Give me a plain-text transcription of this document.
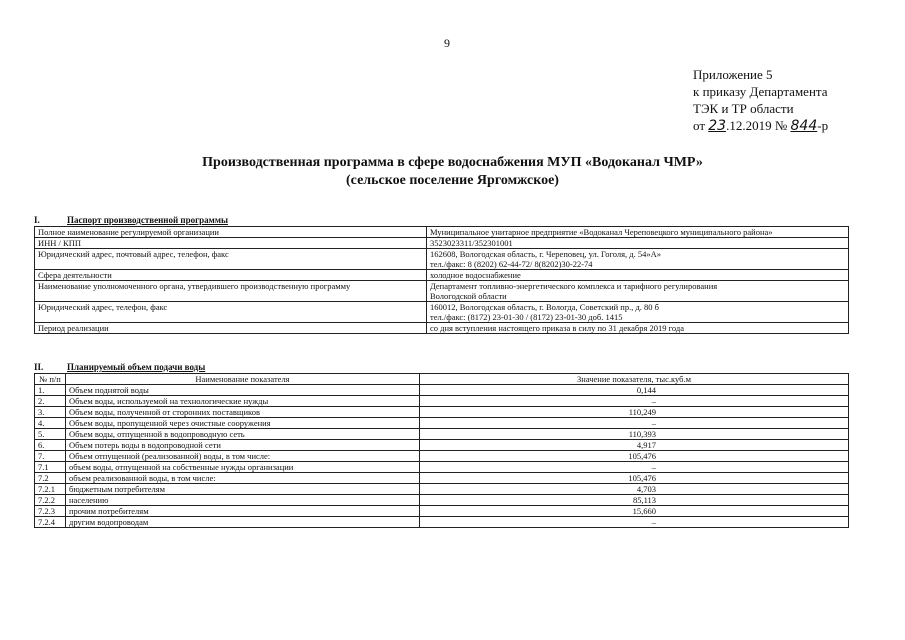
9
Приложение 5
к приказу Департамента
ТЭК и ТР области
от 23.12.2019 № 844-р
Производственная программа в сфере водоснабжения МУП «Водоканал ЧМР»
(сельское поселение Яргомжское)
I.	Паспорт производственной программы
Полное наименование регулируемой организации	Муниципальное унитарное предприятие «Водоканал Череповецкого муниципального района»

ИНН / КПП	3523023311/352301001

Юридический адрес, почтовый адрес, телефон, факс	162608, Вологодская область, г. Череповец, ул. Гоголя, д. 54»А»
тел./факс: 8 (8202) 62-44-72/ 8(8202)30-22-74

Сфера деятельности	холодное водоснабжение

Наименование уполномоченного органа, утвердившего производственную программу	Департамент топливно-энергетического комплекса и тарифного регулирования
Вологодской области

Юридический адрес, телефон, факс	160012, Вологодская область, г. Вологда, Советский пр., д. 80 б
тел./факс: (8172) 23-01-30 / (8172) 23-01-30 доб. 1415

Период реализации	со дня вступления настоящего приказа в силу по 31 декабря 2019 года
II.	Планируемый объем подачи воды
№ п/п	Наименование показателя	Значение показателя, тыс.куб.м
1.	Объем поднятой воды	0,144
2.	Объем воды, используемой на технологические нужды	–
3.	Объем воды, полученной от сторонних поставщиков	110,249
4.	Объем воды, пропущенной через очистные сооружения	–
5.	Объем воды, отпущенной в водопроводную сеть	110,393
6.	Объем потерь воды в водопроводной сети	4,917
7.	Объем отпущенной (реализованной) воды, в том числе:	105,476
7.1	объем воды, отпущенной на собственные нужды организации	–
7.2	объем реализованной воды, в том числе:	105,476
7.2.1	бюджетным потребителям	4,703
7.2.2	населению	85,113
7.2.3	прочим потребителям	15,660
7.2.4	другим водопроводам	–
